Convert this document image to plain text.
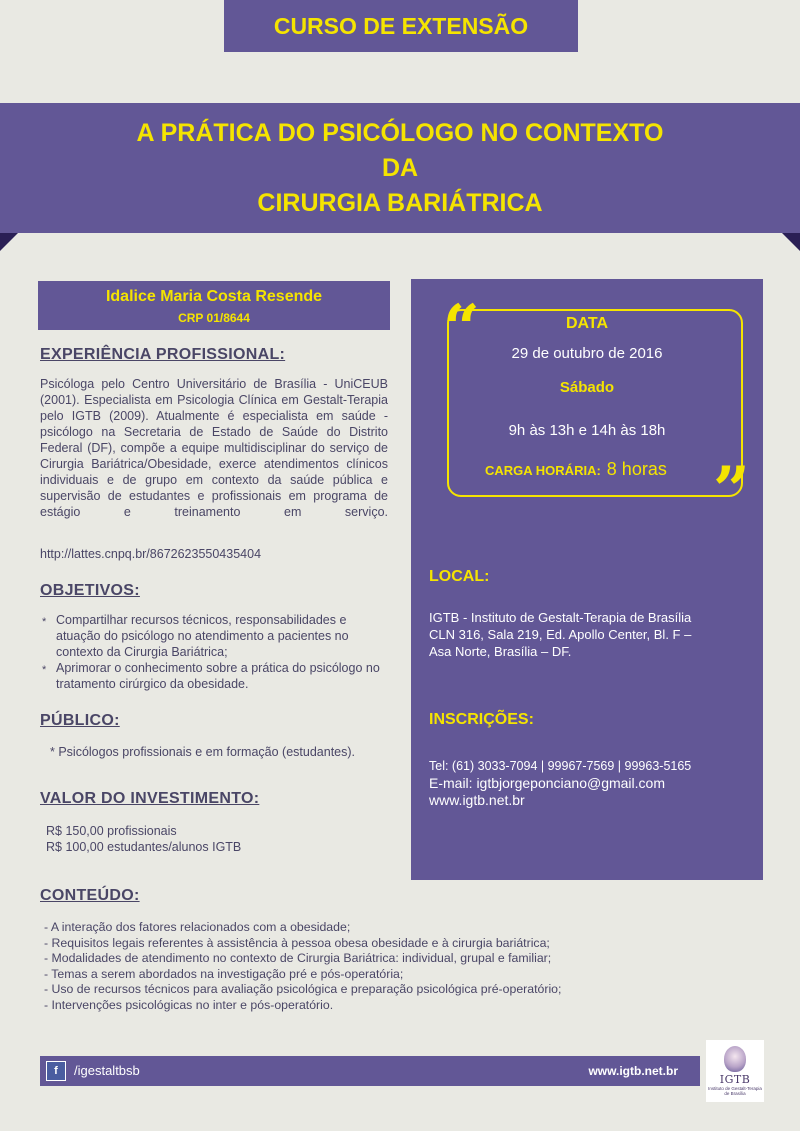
CURSO DE EXTENSÃO
A PRÁTICA DO PSICÓLOGO NO CONTEXTO
DA
CIRURGIA BARIÁTRICA
Idalice Maria Costa Resende
CRP 01/8644
EXPERIÊNCIA PROFISSIONAL:
Psicóloga pelo Centro Universitário de Brasília - UniCEUB (2001). Especialista em Psicologia Clínica em Gestalt-Terapia pelo IGTB (2009). Atualmente é especialista em saúde - psicólogo na Secretaria de Estado de Saúde do Distrito Federal (DF), compõe a equipe multidisciplinar do serviço de Cirurgia Bariátrica/Obesidade, exerce atendimentos clínicos individuais e de grupo em contexto da saúde pública e supervisão de estudantes e profissionais em programa de estágio e treinamento em serviço.
http://lattes.cnpq.br/8672623550435404
OBJETIVOS:
* Compartilhar recursos técnicos, responsabilidades e atuação do psicólogo no atendimento a pacientes no contexto da Cirurgia Bariátrica;
* Aprimorar o conhecimento sobre a prática do psicólogo no tratamento cirúrgico da obesidade.
PÚBLICO:
* Psicólogos profissionais e em formação (estudantes).
VALOR DO INVESTIMENTO:
R$ 150,00 profissionais
R$ 100,00 estudantes/alunos IGTB
“
”
DATA
29 de outubro de 2016
Sábado
9h às 13h e 14h às 18h
CARGA HORÁRIA: 8 horas
LOCAL:
IGTB - Instituto de Gestalt-Terapia de Brasília
CLN 316, Sala 219, Ed. Apollo Center, Bl. F –
Asa Norte, Brasília – DF.
INSCRIÇÕES:
Tel: (61) 3033-7094 | 99967-7569 | 99963-5165
E-mail: igtbjorgeponciano@gmail.com
www.igtb.net.br
CONTEÚDO:
- A interação dos fatores relacionados com a obesidade;
- Requisitos legais referentes à assistência à pessoa obesa obesidade e à cirurgia bariátrica;
- Modalidades de atendimento no contexto de Cirurgia Bariátrica: individual, grupal e familiar;
- Temas a serem abordados na investigação pré e pós-operatória;
- Uso de recursos técnicos para avaliação psicológica e preparação psicológica pré-operatório;
- Intervenções psicológicas no inter e pós-operatório.
f	/igestaltbsb	www.igtb.net.br
IGTB
Instituto de Gestalt-Terapia de Brasília
